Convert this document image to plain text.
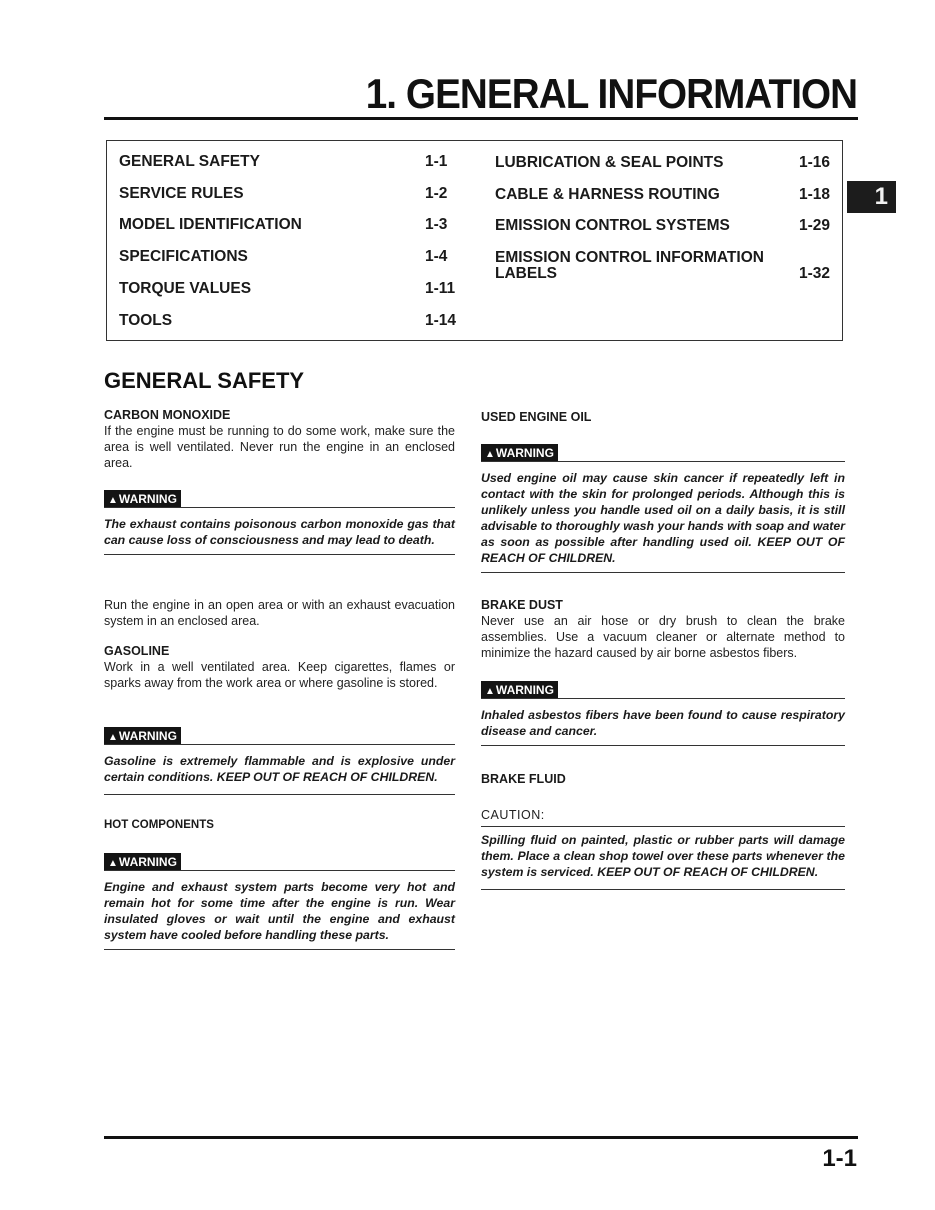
1. GENERAL INFORMATION
GENERAL SAFETY	1-1
SERVICE RULES	1-2
MODEL IDENTIFICATION	1-3
SPECIFICATIONS	1-4
TORQUE VALUES	1-11
TOOLS	1-14
LUBRICATION & SEAL POINTS	1-16
CABLE & HARNESS ROUTING	1-18
EMISSION CONTROL SYSTEMS	1-29
EMISSION CONTROL INFORMATION
LABELS	1-32
1
GENERAL SAFETY
CARBON MONOXIDE
If the engine must be running to do some work, make sure the area is well ventilated. Never run the engine in an enclosed area.
▲WARNING
The exhaust contains poisonous carbon monoxide gas that can cause loss of consciousness and may lead to death.
Run the engine in an open area or with an exhaust evacuation system in an enclosed area.
GASOLINE
Work in a well ventilated area. Keep cigarettes, flames or sparks away from the work area or where gasoline is stored.
▲WARNING
Gasoline is extremely flammable and is explosive under certain conditions. KEEP OUT OF REACH OF CHILDREN.
HOT COMPONENTS
▲WARNING
Engine and exhaust system parts become very hot and remain hot for some time after the engine is run. Wear insulated gloves or wait until the engine and exhaust system have cooled before handling these parts.
USED ENGINE OIL
▲WARNING
Used engine oil may cause skin cancer if repeatedly left in contact with the skin for prolonged periods. Although this is unlikely unless you handle used oil on a daily basis, it is still advisable to thoroughly wash your hands with soap and water as soon as possible after handling used oil. KEEP OUT OF REACH OF CHILDREN.
BRAKE DUST
Never use an air hose or dry brush to clean the brake assemblies. Use a vacuum cleaner or alternate method to minimize the hazard caused by air borne asbestos fibers.
▲WARNING
Inhaled asbestos fibers have been found to cause respiratory disease and cancer.
BRAKE FLUID
CAUTION:
Spilling fluid on painted, plastic or rubber parts will damage them. Place a clean shop towel over these parts whenever the system is serviced. KEEP OUT OF REACH OF CHILDREN.
1-1
